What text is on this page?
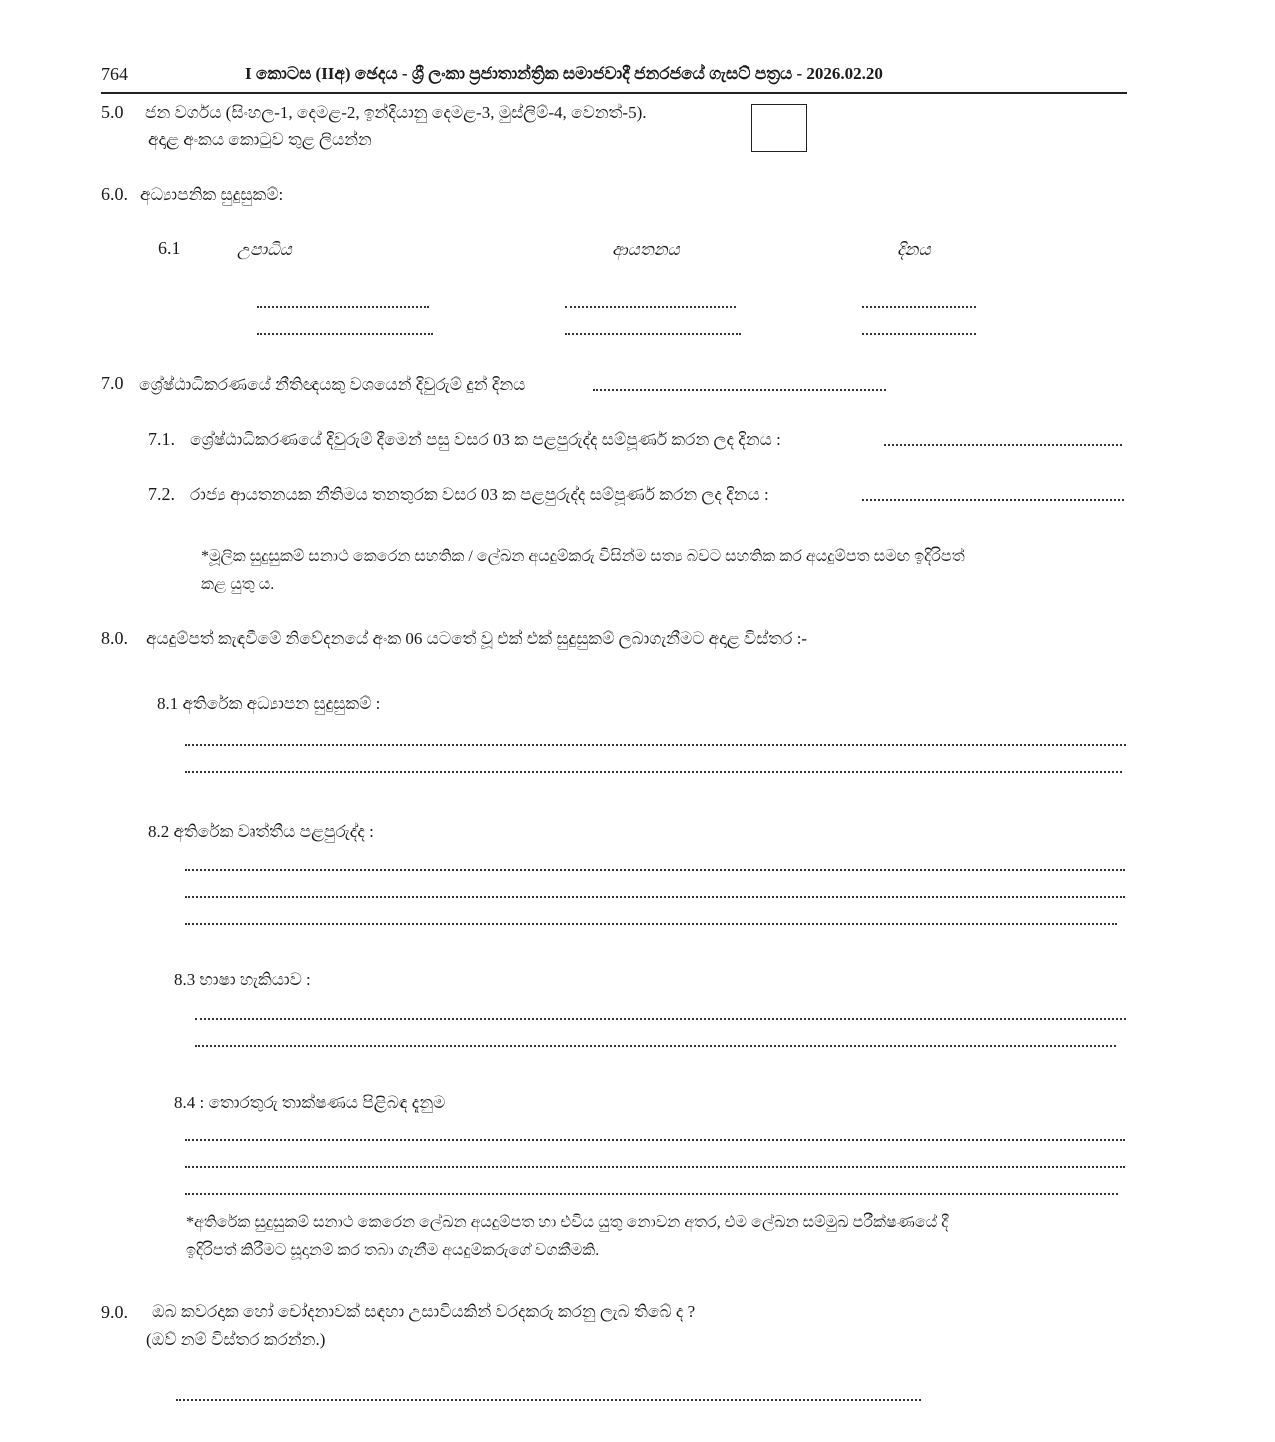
764	I කොටස (IIඅ) ඡෙදය - ශ්‍රී ලංකා ප්‍රජාතාන්ත්‍රික සමාජවාදී ජනරජයේ ගැසට් පත්‍රය - 2026.02.20
5.0 ජන වර්ගය (සිංහල-1, දෙමළ-2, ඉන්දියානු දෙමළ-3, මුස්ලිම්-4, වෙනත්-5).
අදාළ අංකය කොටුව තුළ ලියන්න
6.0. අධ්‍යාපනික සුදුසුකම්:
6.1	උපාධිය	ආයතනය	දිනය
7.0 ශ්‍රේෂ්ඨාධිකරණයේ නීතිඥයකු වශයෙන් දිවුරුම් දුන් දිනය
7.1. ශ්‍රේෂ්ඨාධිකරණයේ දිවුරුම් දීමෙන් පසු වසර 03 ක පළපුරුද්ද සම්පූර්ණ කරන ලද දිනය :
7.2. රාජ්‍ය ආයතනයක නීතිමය තනතුරක වසර 03 ක පළපුරුද්ද සම්පූර්ණ කරන ලද දිනය :
*මූලික සුදුසුකම් සනාථ කෙරෙන සහතික / ලේඛන අයදුම්කරු විසින්ම සත්‍ය බවට සහතික කර අයදුම්පත සමඟ ඉදිරිපත්
කළ යුතු ය.
8.0. අයදුම්පත් කැඳවීමේ නිවේදනයේ අංක 06 යටතේ වූ එක් එක් සුදුසුකම් ලබාගැනීමට අදාළ විස්තර :-
8.1 අතිරේක අධ්‍යාපන සුදුසුකම් :
8.2 අතිරේක වෘත්තීය පළපුරුද්ද :
8.3 භාෂා හැකියාව :
8.4 : තොරතුරු තාක්ෂණය පිළිබඳ දැනුම
*අතිරේක සුදුසුකම් සනාථ කෙරෙන ලේඛන අයදුම්පත හා එවිය යුතු නොවන අතර, එම ලේඛන සම්මුඛ පරීක්ෂණයේ දී
ඉදිරිපත් කිරීමට සූදානම් කර තබා ගැනීම අයදුම්කරුගේ වගකීමකි.
9.0. ඔබ කවරදාක හෝ චෝදනාවක් සඳහා උසාවියකින් වරදකරු කරනු ලැබ තිබේ ද ?
(ඔව් නම් විස්තර කරන්න.)
